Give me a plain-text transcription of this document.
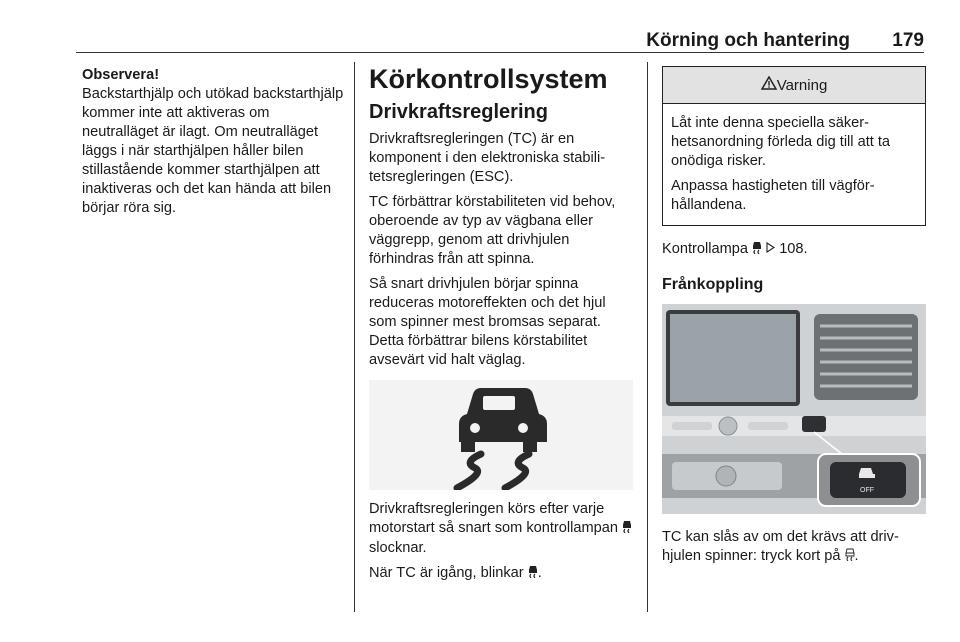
Körning och hantering 179
Observera!

Backstarthjälp och utökad backstarthjälp kommer inte att aktiveras om neutralläget är ilagt. Om neutralläget läggs i när starthjälpen håller bilen stillastående kommer starthjälpen att inaktiveras och det kan hända att bilen börjar röra sig.

Körkontrollsystem
Drivkraftsreglering

Drivkraftsregleringen (TC) är en komponent i den elektroniska stabilitetsregleringen (ESC).

TC förbättrar körstabiliteten vid behov, oberoende av typ av vägbana eller väggrepp, genom att drivhjulen förhindras från att spinna.

Så snart drivhjulen börjar spinna reduceras motoreffekten och det hjul som spinner mest bromsas separat. Detta förbättrar bilens körstabilitet avsevärt vid halt väglag.

Drivkraftsregleringen körs efter varje motorstart så snart som kontrollampan  slocknar.

När TC är igång, blinkar .

Varning

Låt inte denna speciella säkerhetsanordning förleda dig till att ta onödiga risker.

Anpassa hastigheten till vägförhållandena.

Kontrollampa 108.

Frånkoppling
OFF

TC kan slås av om det krävs att drivhjulen spinner: tryck kort på .
